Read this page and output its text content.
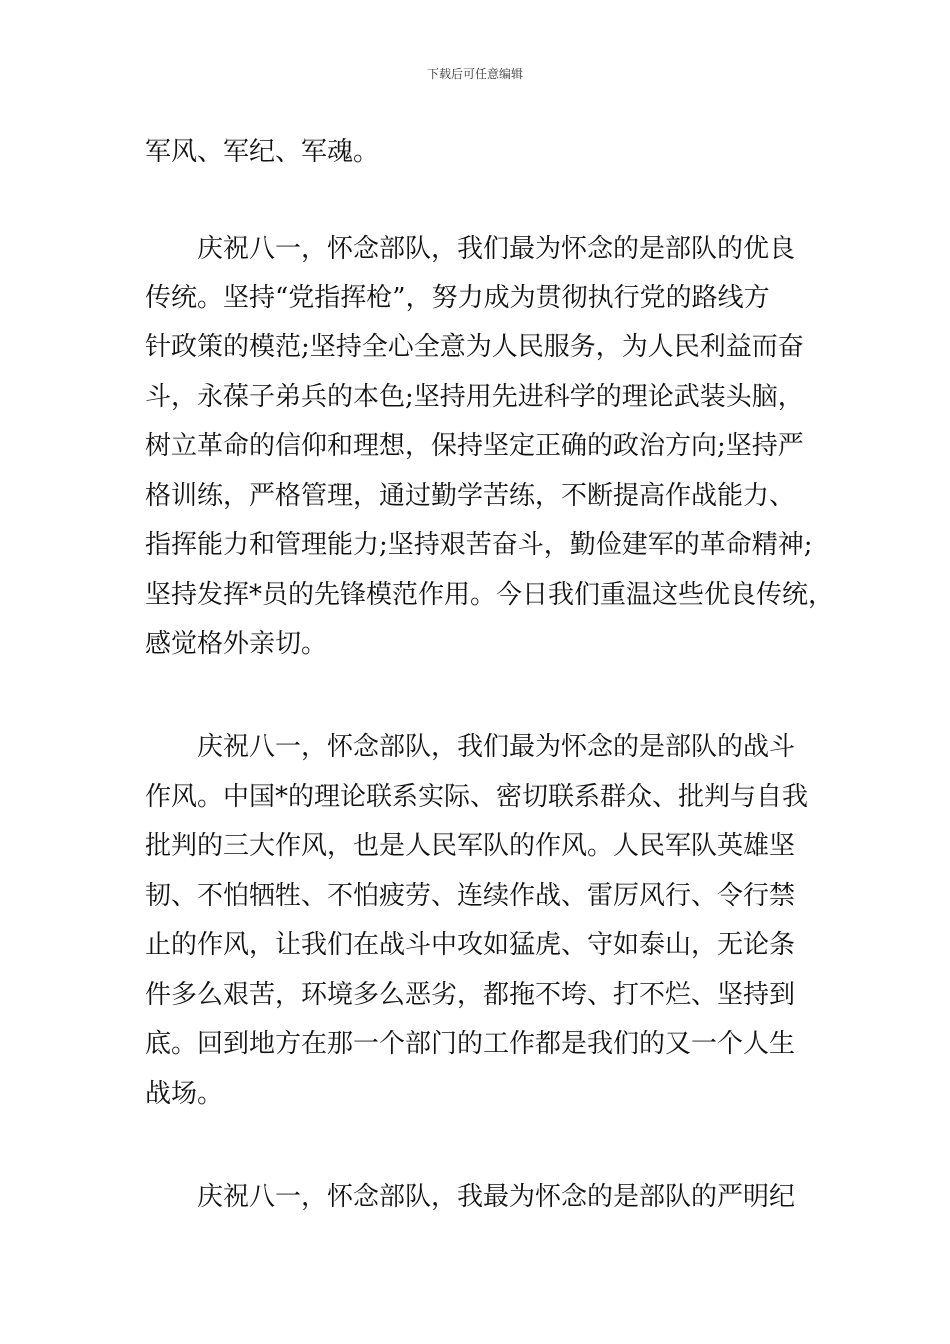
下载后可任意编辑
军风、军纪、军魂。
庆祝八一，怀念部队，我们最为怀念的是部队的优良
传统。坚持“党指挥枪”，努力成为贯彻执行党的路线方
针政策的模范;坚持全心全意为人民服务，为人民利益而奋
斗，永葆子弟兵的本色;坚持用先进科学的理论武装头脑，
树立革命的信仰和理想，保持坚定正确的政治方向;坚持严
格训练，严格管理，通过勤学苦练，不断提高作战能力、
指挥能力和管理能力;坚持艰苦奋斗，勤俭建军的革命精神;
坚持发挥*员的先锋模范作用。今日我们重温这些优良传统，
感觉格外亲切。
庆祝八一，怀念部队，我们最为怀念的是部队的战斗
作风。中国*的理论联系实际、密切联系群众、批判与自我
批判的三大作风，也是人民军队的作风。人民军队英雄坚
韧、不怕牺牲、不怕疲劳、连续作战、雷厉风行、令行禁
止的作风，让我们在战斗中攻如猛虎、守如泰山，无论条
件多么艰苦，环境多么恶劣，都拖不垮、打不烂、坚持到
底。回到地方在那一个部门的工作都是我们的又一个人生
战场。
庆祝八一，怀念部队，我最为怀念的是部队的严明纪
